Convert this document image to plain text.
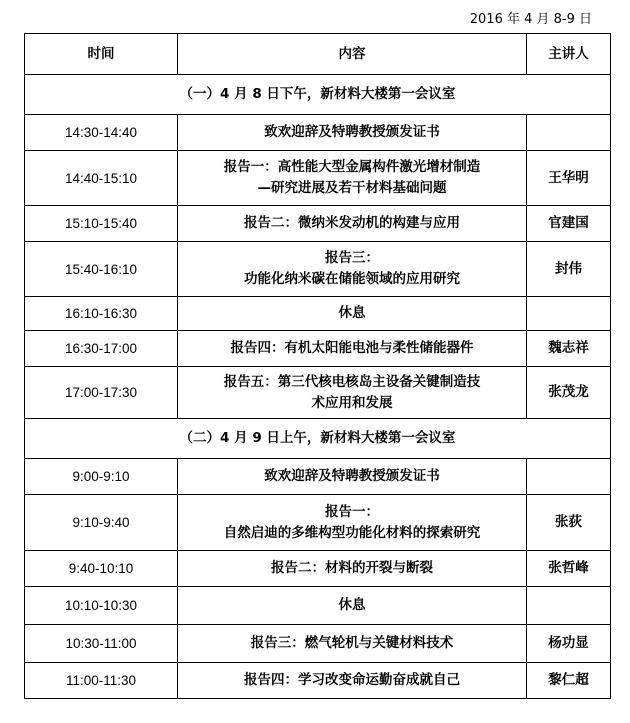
2016 年 4 月 8-9 日
时间	内容	主讲人
（一）4 月 8 日下午，新材料大楼第一会议室		
14:30-14:40	致欢迎辞及特聘教授颁发证书	

14:40-15:10	报告一：高性能大型金属构件激光增材制造
—研究进展及若干材料基础问题	王华明
15:10-15:40	报告二：微纳米发动机的构建与应用	官建国
15:40-16:10	报告三：
功能化纳米碳在储能领域的应用研究	封伟
16:10-16:30	休息	

16:30-17:00	报告四：有机太阳能电池与柔性储能器件	魏志祥
17:00-17:30	报告五：第三代核电核岛主设备关键制造技
术应用和发展	张茂龙
（二）4 月 9 日上午，新材料大楼第一会议室		
9:00-9:10	致欢迎辞及特聘教授颁发证书	

9:10-9:40	报告一：
自然启迪的多维构型功能化材料的探索研究	张荻
9:40-10:10	报告二：材料的开裂与断裂	张哲峰
10:10-10:30	休息	

10:30-11:00	报告三：燃气轮机与关键材料技术	杨功显
11:00-11:30	报告四：学习改变命运勤奋成就自己	黎仁超
